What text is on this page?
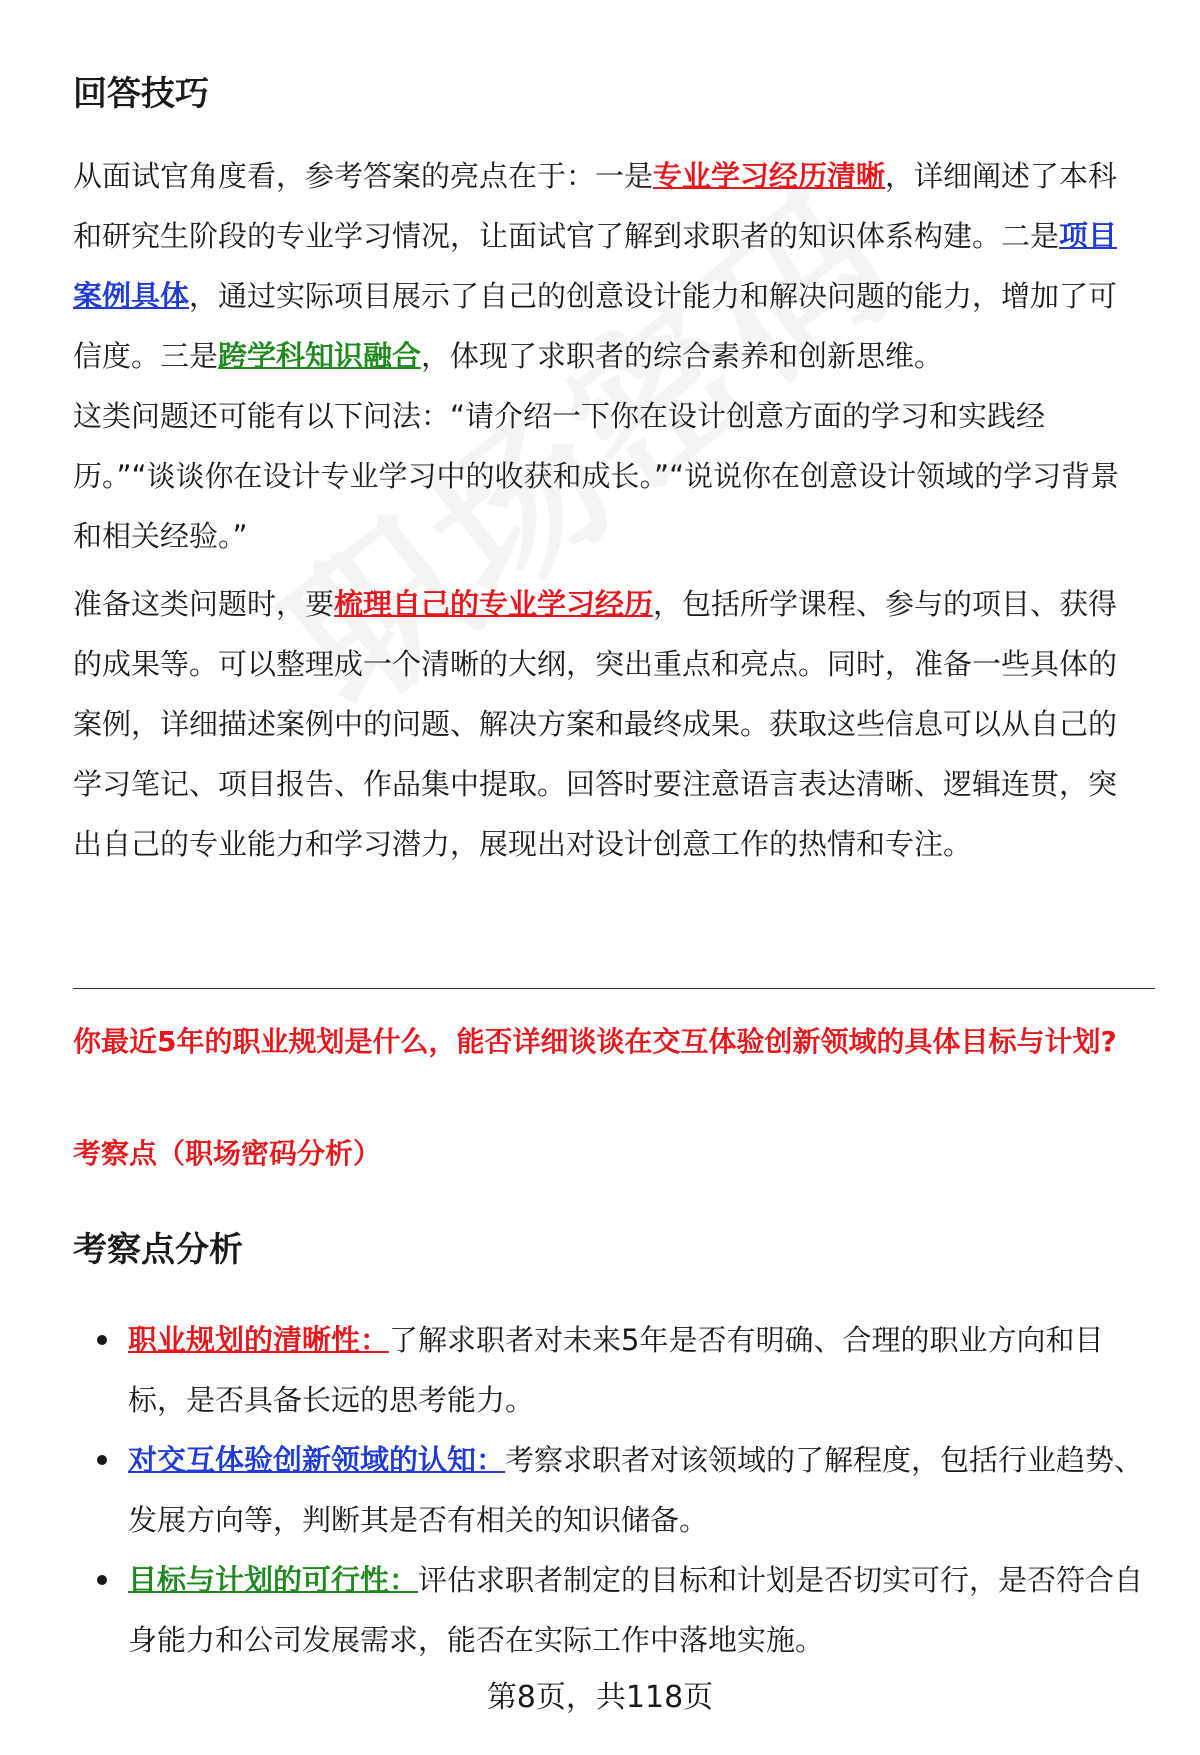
回答技巧
从面试官角度看，参考答案的亮点在于：一是专业学习经历清晰，详细阐述了本科和研究生阶段的专业学习情况，让面试官了解到求职者的知识体系构建。二是项目案例具体，通过实际项目展示了自己的创意设计能力和解决问题的能力，增加了可信度。三是跨学科知识融合，体现了求职者的综合素养和创新思维。
这类问题还可能有以下问法：“请介绍一下你在设计创意方面的学习和实践经历。”“谈谈你在设计专业学习中的收获和成长。”“说说你在创意设计领域的学习背景和相关经验。”
准备这类问题时，要梳理自己的专业学习经历，包括所学课程、参与的项目、获得的成果等。可以整理成一个清晰的大纲，突出重点和亮点。同时，准备一些具体的案例，详细描述案例中的问题、解决方案和最终成果。获取这些信息可以从自己的学习笔记、项目报告、作品集中提取。回答时要注意语言表达清晰、逻辑连贯，突出自己的专业能力和学习潜力，展现出对设计创意工作的热情和专注。
你最近5年的职业规划是什么，能否详细谈谈在交互体验创新领域的具体目标与计划?
考察点（职场密码分析）
考察点分析
职业规划的清晰性：了解求职者对未来5年是否有明确、合理的职业方向和目标，是否具备长远的思考能力。
对交互体验创新领域的认知：考察求职者对该领域的了解程度，包括行业趋势、发展方向等，判断其是否有相关的知识储备。
目标与计划的可行性：评估求职者制定的目标和计划是否切实可行，是否符合自身能力和公司发展需求，能否在实际工作中落地实施。
第8页，共118页
